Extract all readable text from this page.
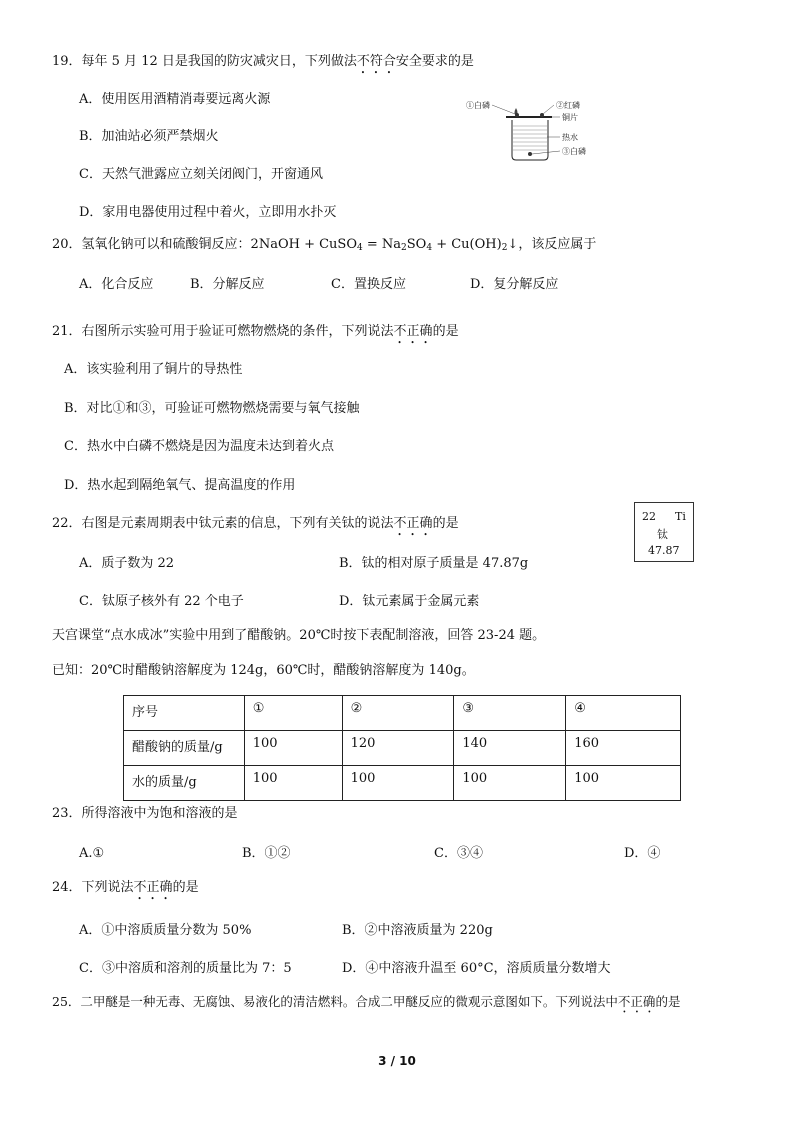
19．每年 5 月 12 日是我国的防灾减灾日，下列做法不符合安全要求的是
A．使用医用酒精消毒要远离火源
B．加油站必须严禁烟火
C．天然气泄露应立刻关闭阀门，开窗通风
D．家用电器使用过程中着火，立即用水扑灭
①白磷	②红磷
铜片
热水
③白磷
20．氢氧化钠可以和硫酸铜反应：2NaOH + CuSO$_4$ = $Na_2SO_4$ + $Cu(OH)_2↓$，该反应属于
A．化合反应	B．分解反应	C．置换反应	D．复分解反应
21．右图所示实验可用于验证可燃物燃烧的条件，下列说法不正确的是
A．该实验利用了铜片的导热性
B．对比①和③，可验证可燃物燃烧需要与氧气接触
C．热水中白磷不燃烧是因为温度未达到着火点
D．热水起到隔绝氧气、提高温度的作用
22．右图是元素周期表中钛元素的信息，下列有关钛的说法不正确的是
A．质子数为 22	B．钛的相对原子质量是 47.87g
C．钛原子核外有 22 个电子	D．钛元素属于金属元素
22 Ti
钛
47.87
天宫课堂“点水成冰”实验中用到了醋酸钠。20℃时按下表配制溶液，回答 23-24 题。
已知：20℃时醋酸钠溶解度为 124g，60℃时，醋酸钠溶解度为 140g。
序号	①	②	③	④
醋酸钠的质量/g	100	120	140	160
水的质量/g	100	100	100	100
23．所得溶液中为饱和溶液的是
A.①	B．①②	C．③④	D．④
24．下列说法不正确的是
A．①中溶质质量分数为 50%	B．②中溶液质量为 220g
C．③中溶质和溶剂的质量比为 7：5	D．④中溶液升温至 60°C，溶质质量分数增大
25．二甲醚是一种无毒、无腐蚀、易液化的清洁燃料。合成二甲醚反应的微观示意图如下。下列说法中不正确的是
3 / 10
